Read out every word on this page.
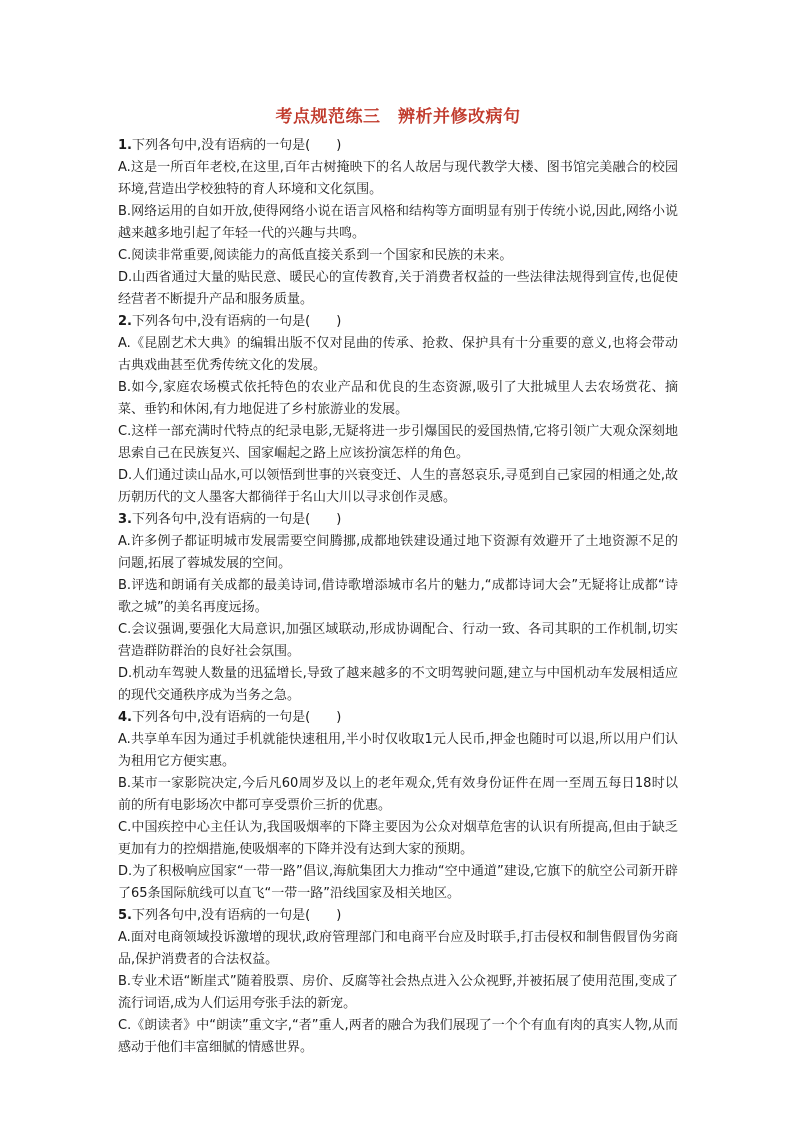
考点规范练三　辨析并修改病句

1.下列各句中,没有语病的一句是(　　)

A.这是一所百年老校,在这里,百年古树掩映下的名人故居与现代教学大楼、图书馆完美融合的校园环境,营造出学校独特的育人环境和文化氛围。

B.网络运用的自如开放,使得网络小说在语言风格和结构等方面明显有别于传统小说,因此,网络小说越来越多地引起了年轻一代的兴趣与共鸣。

C.阅读非常重要,阅读能力的高低直接关系到一个国家和民族的未来。

D.山西省通过大量的贴民意、暖民心的宣传教育,关于消费者权益的一些法律法规得到宣传,也促使经营者不断提升产品和服务质量。

2.下列各句中,没有语病的一句是(　　)

A.《昆剧艺术大典》的编辑出版不仅对昆曲的传承、抢救、保护具有十分重要的意义,也将会带动古典戏曲甚至优秀传统文化的发展。

B.如今,家庭农场模式依托特色的农业产品和优良的生态资源,吸引了大批城里人去农场赏花、摘菜、垂钓和休闲,有力地促进了乡村旅游业的发展。

C.这样一部充满时代特点的纪录电影,无疑将进一步引爆国民的爱国热情,它将引领广大观众深刻地思索自己在民族复兴、国家崛起之路上应该扮演怎样的角色。

D.人们通过读山品水,可以领悟到世事的兴衰变迁、人生的喜怒哀乐,寻觅到自己家园的相通之处,故历朝历代的文人墨客大都徜徉于名山大川以寻求创作灵感。

3.下列各句中,没有语病的一句是(　　)

A.许多例子都证明城市发展需要空间腾挪,成都地铁建设通过地下资源有效避开了土地资源不足的问题,拓展了蓉城发展的空间。

B.评选和朗诵有关成都的最美诗词,借诗歌增添城市名片的魅力,“成都诗词大会”无疑将让成都“诗歌之城”的美名再度远扬。

C.会议强调,要强化大局意识,加强区域联动,形成协调配合、行动一致、各司其职的工作机制,切实营造群防群治的良好社会氛围。

D.机动车驾驶人数量的迅猛增长,导致了越来越多的不文明驾驶问题,建立与中国机动车发展相适应的现代交通秩序成为当务之急。

4.下列各句中,没有语病的一句是(　　)

A.共享单车因为通过手机就能快速租用,半小时仅收取1元人民币,押金也随时可以退,所以用户们认为租用它方便实惠。

B.某市一家影院决定,今后凡60周岁及以上的老年观众,凭有效身份证件在周一至周五每日18时以前的所有电影场次中都可享受票价三折的优惠。

C.中国疾控中心主任认为,我国吸烟率的下降主要因为公众对烟草危害的认识有所提高,但由于缺乏更加有力的控烟措施,使吸烟率的下降并没有达到大家的预期。

D.为了积极响应国家“一带一路”倡议,海航集团大力推动“空中通道”建设,它旗下的航空公司新开辟了65条国际航线可以直飞“一带一路”沿线国家及相关地区。

5.下列各句中,没有语病的一句是(　　)

A.面对电商领域投诉激增的现状,政府管理部门和电商平台应及时联手,打击侵权和制售假冒伪劣商品,保护消费者的合法权益。

B.专业术语“断崖式”随着股票、房价、反腐等社会热点进入公众视野,并被拓展了使用范围,变成了流行词语,成为人们运用夸张手法的新宠。

C.《朗读者》中“朗读”重文字,“者”重人,两者的融合为我们展现了一个个有血有肉的真实人物,从而感动于他们丰富细腻的情感世界。
